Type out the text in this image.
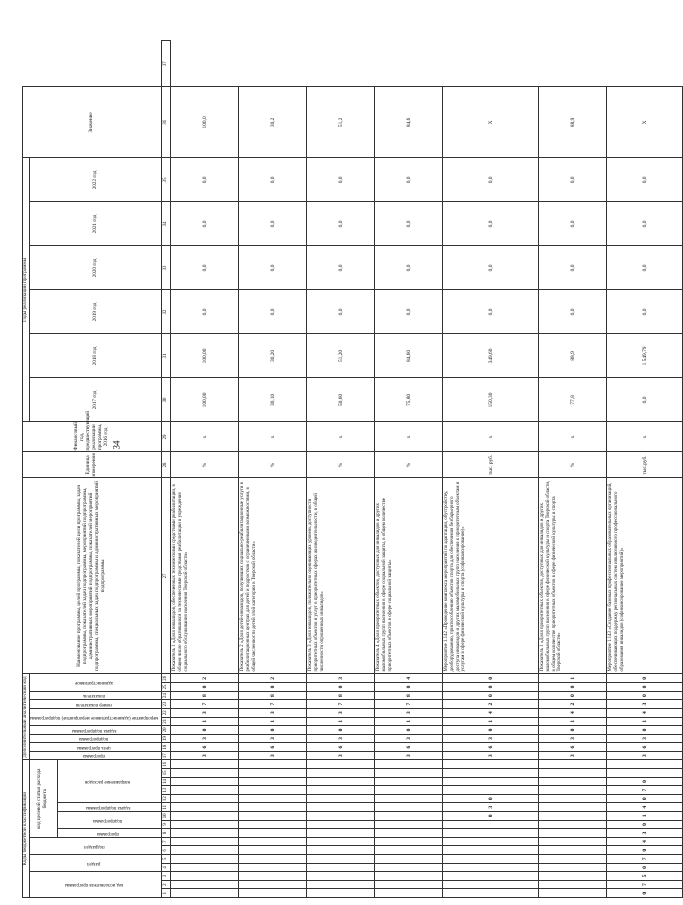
34
Коды бюджетной классификации																Дополнительный аналитический код										Наименование программы, целей программы, показателей цели программы, задач подпрограммы, показателей задач подпрограммы, мероприятий подпрограммы, административных мероприятий подпрограммы, показателей мероприятий подпрограммы, специальных задач подпрограммы и административных мероприятий подпрограммы	Единица измерения	Финансовый год, предшествующий реализации программы, 2016 год	Годы реализации программы						Значение	
код исполнителя программы			раздел		подраздел		код целевой статьи расхода бюджета									программа	цель программы	подпрограмма	задача подпрограммы	мероприятие (административное мероприятие) подпрограммы		номер показателя	показатель	административное					2017 год	2018 год	2019 год	2020 год	2021 год	2022 год		
							программа	подпрограмма		задача подпрограммы	направление расходов																									
1	2	3	4	5	6	7	8	9	10	11	12	13	14	15	16	17	18	19	20	21	22	23	24	25	26	27	28	29	30	31	32	33	34	35	36	37
																3	6	3	0	1	3	7	8	0	2	Показатель 1 «Доля инвалидов, обеспеченных техническими средствами реабилитации, в общем числе обратившихся за техническими средствами реабилитации в учреждения социального обслуживания населения Тверской области»	%	х	100,00	100,00	0,0	0,0	0,0	0,0	100,0	
																3	6	3	0	1	3	7	8	0	2	Показатель 2 «Доля детей-инвалидов, получивших социально-реабилитационные услуги в реабилитационных центрах для детей и подростков с ограниченными возможностями, в общей численности детей этой категории в Тверской области»	%	х	30,10	30,20	0,0	0,0	0,0	0,0	30,2	
																3	6	3	0	1	3	7	8	0	3	Показатель 3 «Доля инвалидов, положительно оценивающих уровень доступности приоритетных объектов и услуг в приоритетных сферах жизнедеятельности, в общей численности опрошенных инвалидов»	%	х	50,60	51,20	0,0	0,0	0,0	0,0	51,2	
																3	6	3	0	1	3	7	8	0	4	Показатель 4 «Доля приоритетных объектов, доступных для инвалидов и других маломобильных групп населения в сфере социальной защиты, в общем количестве приоритетных объектов в сфере социальной защиты»	%	х	75,80	84,60	0,0	0,0	0,0	0,0	84,6	
									0	3	0					3	6	3	0	1	4	2	0	0	0	Мероприятие 1.142 «Проведение комплекса мероприятий по адаптации, обустройству, дооборудованию, приспособлению объектов спорта для обеспечения безбарьерного доступа инвалидов и других маломобильных групп населения к приоритетным объектам и услугам в сфере физической культуры и спорта (софинансирование)»	тыс. руб.	х	150,30	349,60	0,0	0,0	0,0	0,0	Х	
																3	6	3	0	1	4	2	0	0	1	Показатель 1 «Доля приоритетных объектов, доступных для инвалидов и других маломобильных групп населения в сфере физической культуры и спорта Тверской области, в общем количестве приоритетных объектов в сфере физической культуры и спорта Тверской области»	%	х	77,8	88,9	0,0	0,0	0,0	0,0	88,9	
0	7	5	0	7	0	4	3	0	1	4	0	7	0			3	6	3	0	1	4	3	0	0	0	Мероприятие 1.143 «Создание базовых профессиональных образовательных организаций, обеспечивающих поддержку региональных систем инклюзивного профессионального образования инвалидов (софинансирование мероприятий)»	тыс.руб.	х	0,0	1 549,79	0,0	0,0	0,0	0,0	Х	
